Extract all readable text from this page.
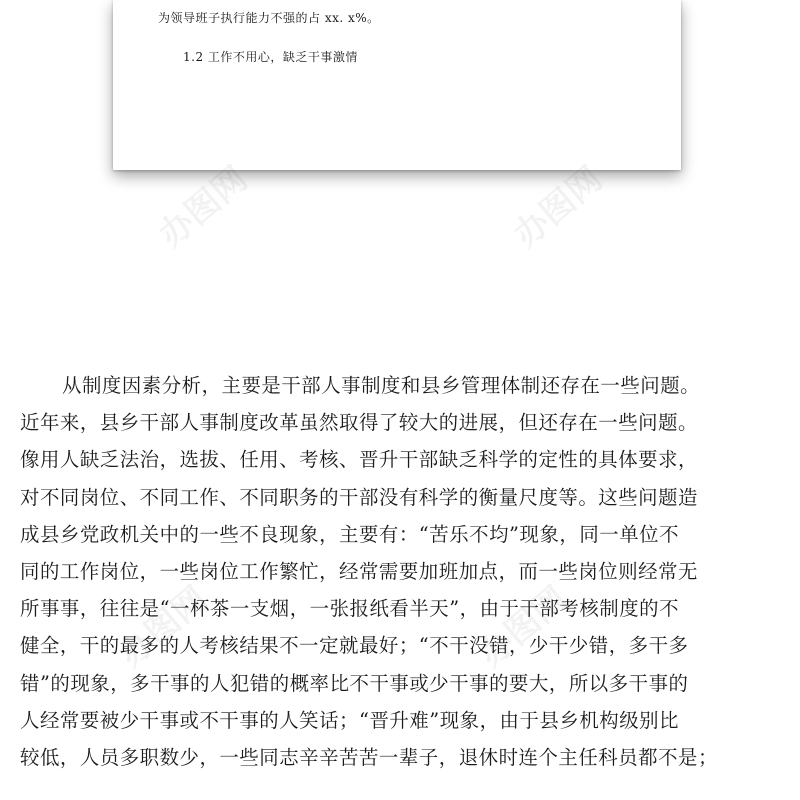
为领导班子执行能力不强的占 xx. x%。
1.2 工作不用心，缺乏干事激情
办图网	办图网
办图网	办图网
从制度因素分析，主要是干部人事制度和县乡管理体制还存在一些问题。
近年来，县乡干部人事制度改革虽然取得了较大的进展，但还存在一些问题。
像用人缺乏法治，选拔、任用、考核、晋升干部缺乏科学的定性的具体要求，
对不同岗位、不同工作、不同职务的干部没有科学的衡量尺度等。这些问题造
成县乡党政机关中的一些不良现象，主要有：“苦乐不均”现象，同一单位不
同的工作岗位，一些岗位工作繁忙，经常需要加班加点，而一些岗位则经常无
所事事，往往是“一杯茶一支烟，一张报纸看半天”，由于干部考核制度的不
健全，干的最多的人考核结果不一定就最好；“不干没错，少干少错，多干多
错”的现象，多干事的人犯错的概率比不干事或少干事的要大，所以多干事的
人经常要被少干事或不干事的人笑话；“晋升难”现象，由于县乡机构级别比
较低，人员多职数少，一些同志辛辛苦苦一辈子，退休时连个主任科员都不是；
